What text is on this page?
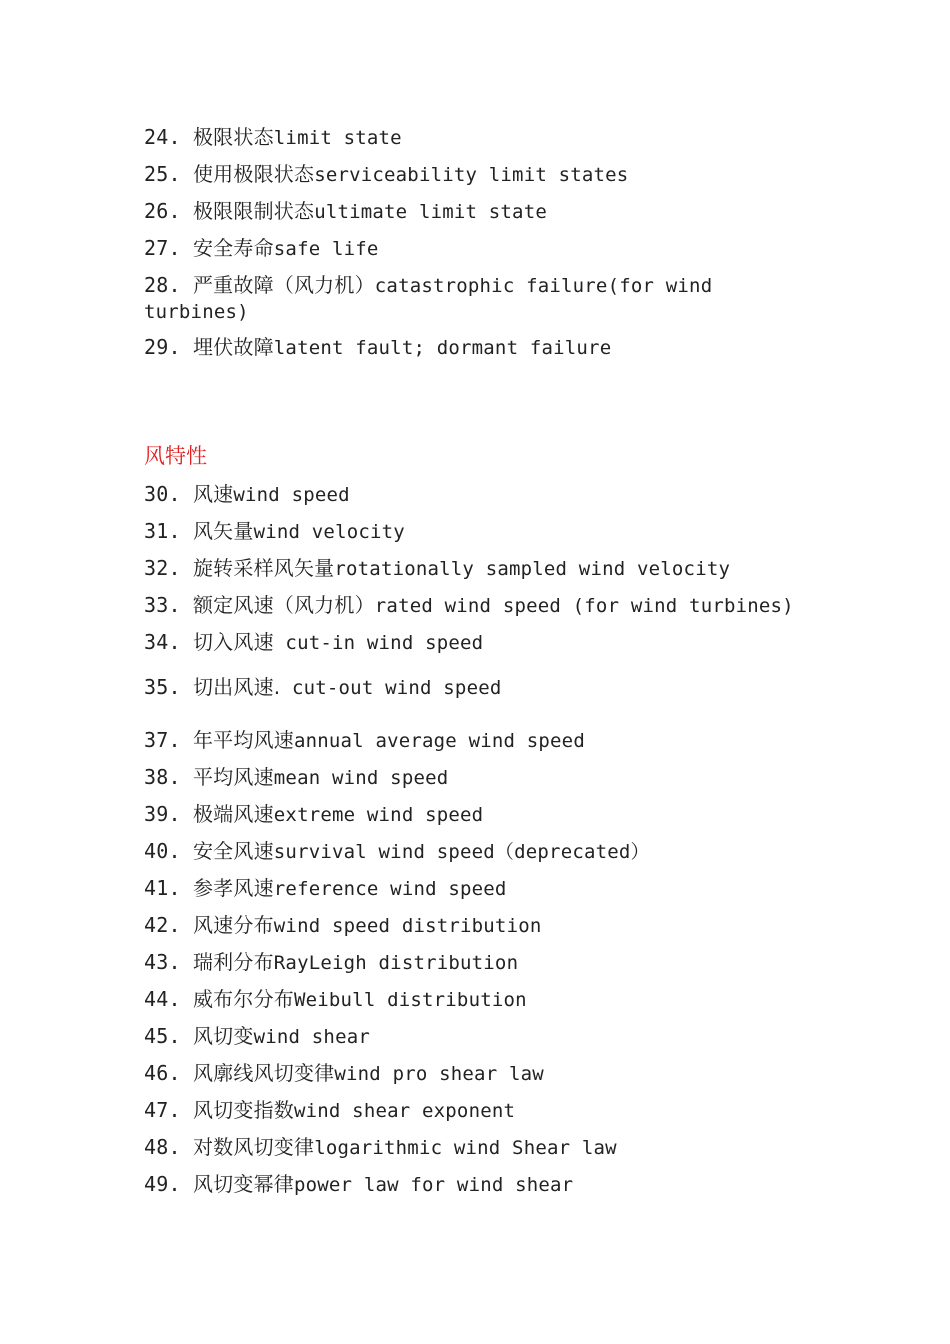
24. 极限状态limit state
25. 使用极限状态serviceability limit states
26. 极限限制状态ultimate limit state
27. 安全寿命safe life
28. 严重故障（风力机）catastrophic failure(for wind turbines)
29. 埋伏故障latent fault; dormant failure
风特性
30. 风速wind speed
31. 风矢量wind velocity
32. 旋转采样风矢量rotationally sampled wind velocity
33. 额定风速（风力机）rated wind speed (for wind turbines)
34. 切入风速 cut-in wind speed
35. 切出风速. cut-out wind speed
37. 年平均风速annual average wind speed
38. 平均风速mean wind speed
39. 极端风速extreme wind speed
40. 安全风速survival wind speed（deprecated）
41. 参孝风速reference wind speed
42. 风速分布wind speed distribution
43. 瑞利分布RayLeigh distribution
44. 威布尔分布Weibull distribution
45. 风切变wind shear
46. 风廓线风切变律wind pro shear law
47. 风切变指数wind shear exponent
48. 对数风切变律logarithmic wind Shear law
49. 风切变幂律power law for wind shear
